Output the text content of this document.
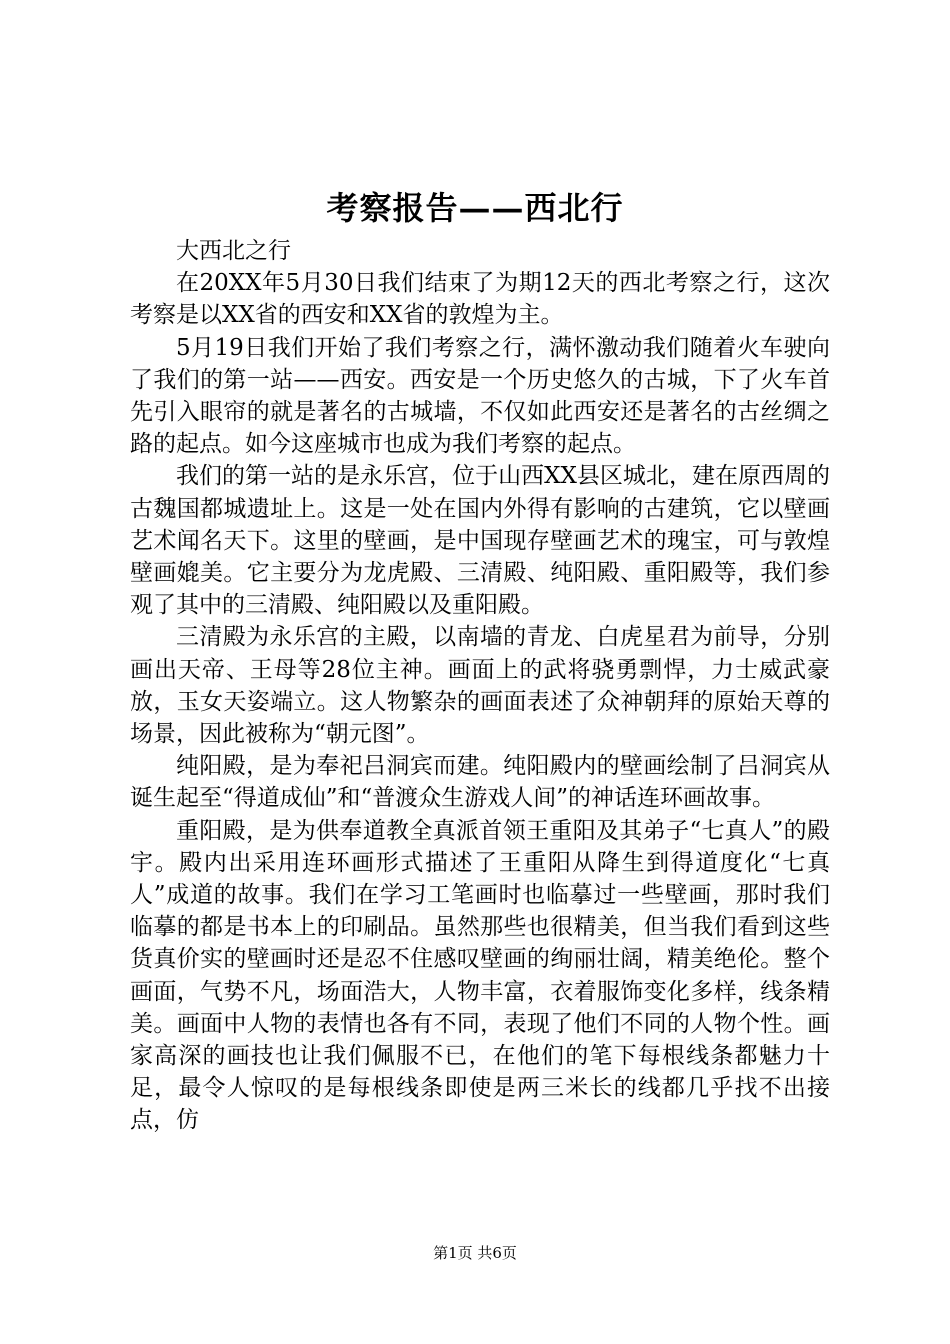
考察报告——西北行

大西北之行

在20XX年5月30日我们结束了为期12天的西北考察之行，这次考察是以XX省的西安和XX省的敦煌为主。

5月19日我们开始了我们考察之行，满怀激动我们随着火车驶向了我们的第一站——西安。西安是一个历史悠久的古城，下了火车首先引入眼帘的就是著名的古城墙，不仅如此西安还是著名的古丝绸之路的起点。如今这座城市也成为我们考察的起点。

我们的第一站的是永乐宫，位于山西XX县区城北，建在原西周的古魏国都城遗址上。这是一处在国内外得有影响的古建筑，它以壁画艺术闻名天下。这里的壁画，是中国现存壁画艺术的瑰宝，可与敦煌壁画媲美。它主要分为龙虎殿、三清殿、纯阳殿、重阳殿等，我们参观了其中的三清殿、纯阳殿以及重阳殿。

三清殿为永乐宫的主殿，以南墙的青龙、白虎星君为前导，分别画出天帝、王母等28位主神。画面上的武将骁勇剽悍，力士威武豪放，玉女天姿端立。这人物繁杂的画面表述了众神朝拜的原始天尊的场景，因此被称为“朝元图”。

纯阳殿，是为奉祀吕洞宾而建。纯阳殿内的壁画绘制了吕洞宾从诞生起至“得道成仙”和“普渡众生游戏人间”的神话连环画故事。

重阳殿，是为供奉道教全真派首领王重阳及其弟子“七真人”的殿宇。殿内出采用连环画形式描述了王重阳从降生到得道度化“七真人”成道的故事。我们在学习工笔画时也临摹过一些壁画，那时我们临摹的都是书本上的印刷品。虽然那些也很精美，但当我们看到这些货真价实的壁画时还是忍不住感叹壁画的绚丽壮阔，精美绝伦。整个画面，气势不凡，场面浩大，人物丰富，衣着服饰变化多样，线条精美。画面中人物的表情也各有不同，表现了他们不同的人物个性。画家高深的画技也让我们佩服不已，在他们的笔下每根线条都魅力十足，最令人惊叹的是每根线条即使是两三米长的线都几乎找不出接点，仿

第1页 共6页
